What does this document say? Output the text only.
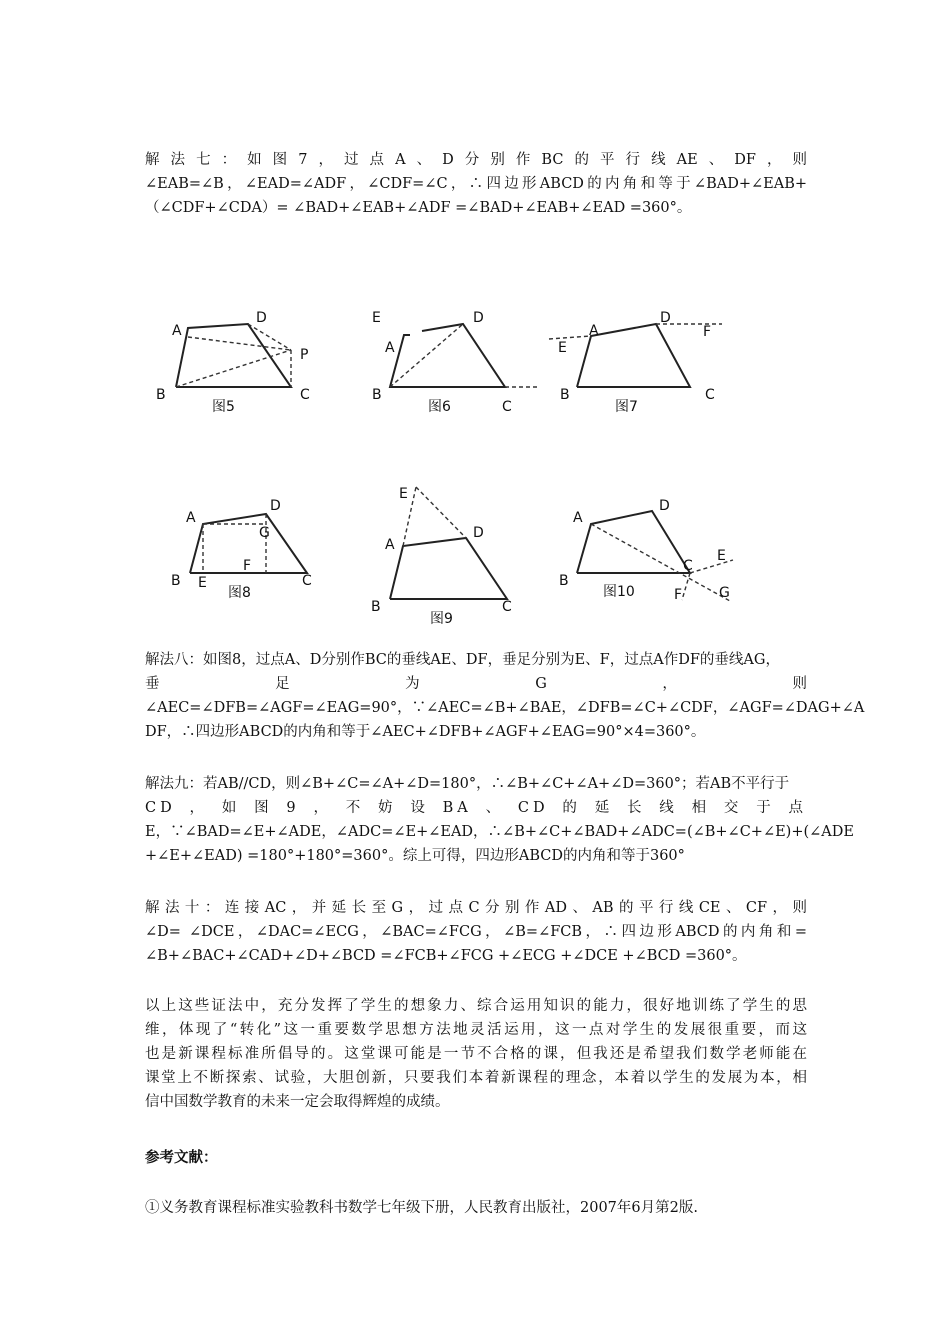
解法七：如图7，过点A、D分别作BC的平行线AE、DF，则
∠EAB=∠B，∠EAD=∠ADF，∠CDF=∠C，∴四边形ABCD的内角和等于∠BAD+∠EAB+
（∠CDF+∠CDA）= ∠BAD+∠EAB+∠ADF =∠BAD+∠EAB+∠EAD =360°。
A
D
P
B	C
图5
E	D
A
B
C
图6
A
D
E
F
B	C
图7
A
D
G
F
B E	C
图8
E
D
A
B	C
图9
A
D
B
C
E
F	G
图10
解法八：如图8，过点A、D分别作BC的垂线AE、DF，垂足分别为E、F，过点A作DF的垂线AG，
垂	足	为	G	，	则
∠AEC=∠DFB=∠AGF=∠EAG=90°，∵∠AEC=∠B+∠BAE，∠DFB=∠C+∠CDF，∠AGF=∠DAG+∠A
DF，∴四边形ABCD的内角和等于∠AEC+∠DFB+∠AGF+∠EAG=90°×4=360°。
解法九：若AB//CD，则∠B+∠C=∠A+∠D=180°，∴∠B+∠C+∠A+∠D=360°；若AB不平行于
CD，如图9，不妨设BA、CD的延长线相交于点
E，∵∠BAD=∠E+∠ADE，∠ADC=∠E+∠EAD，∴∠B+∠C+∠BAD+∠ADC=(∠B+∠C+∠E)+(∠ADE
+∠E+∠EAD) =180°+180°=360°。综上可得，四边形ABCD的内角和等于360°
解法十：连接AC，并延长至G，过点C分别作AD、AB的平行线CE、CF，则
∠D= ∠DCE，∠DAC=∠ECG，∠BAC=∠FCG，∠B=∠FCB，∴四边形ABCD的内角和=
∠B+∠BAC+∠CAD+∠D+∠BCD =∠FCB+∠FCG +∠ECG +∠DCE +∠BCD =360°。
以上这些证法中，充分发挥了学生的想象力、综合运用知识的能力，很好地训练了学生的思
维，体现了“转化”这一重要数学思想方法地灵活运用，这一点对学生的发展很重要，而这
也是新课程标准所倡导的。这堂课可能是一节不合格的课，但我还是希望我们数学老师能在
课堂上不断探索、试验，大胆创新，只要我们本着新课程的理念，本着以学生的发展为本，相
信中国数学教育的未来一定会取得辉煌的成绩。
参考文献：
①义务教育课程标准实验教科书数学七年级下册，人民教育出版社，2007年6月第2版.
